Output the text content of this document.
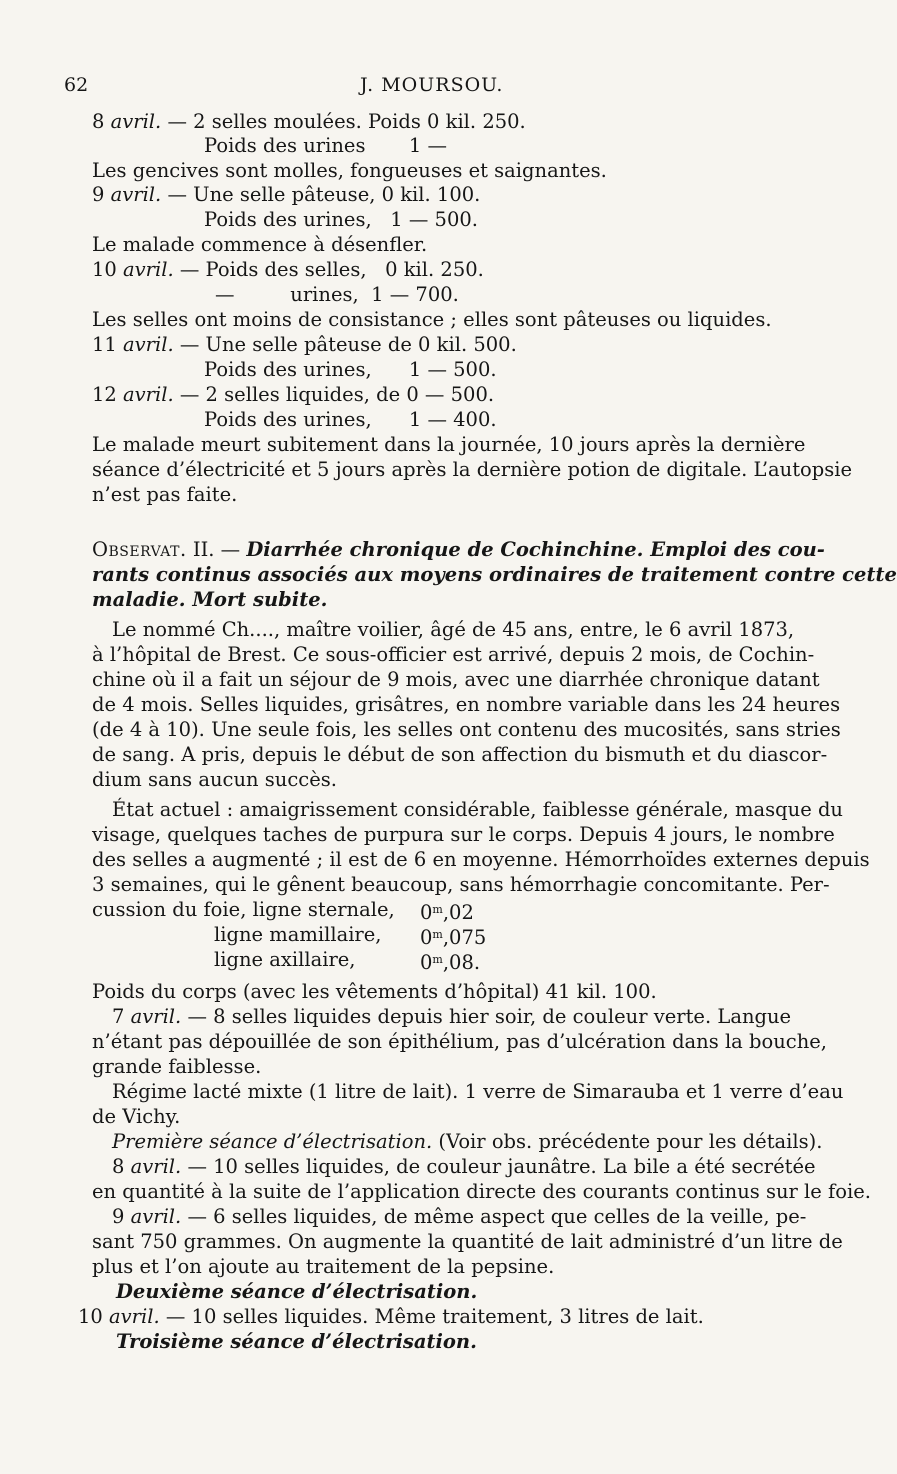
62	J. MOURSOU.
8 avril. — 2 selles moulées. Poids 0 kil. 250.
Poids des urines       1 —
Les gencives sont molles, fongueuses et saignantes.
9 avril. — Une selle pâteuse, 0 kil. 100.
Poids des urines,   1 — 500.
Le malade commence à désenfler.
10 avril. — Poids des selles,   0 kil. 250.
—         urines,  1 — 700.
Les selles ont moins de consistance ; elles sont pâteuses ou liquides.
11 avril. — Une selle pâteuse de 0 kil. 500.
Poids des urines,      1 — 500.
12 avril. — 2 selles liquides, de 0 — 500.
Poids des urines,      1 — 400.
Le malade meurt subitement dans la journée, 10 jours après la dernière
séance d’électricité et 5 jours après la dernière potion de digitale. L’autopsie
n’est pas faite.
Observat. II. — Diarrhée chronique de Cochinchine. Emploi des cou-
rants continus associés aux moyens ordinaires de traitement contre cette
maladie. Mort subite.
Le nommé Ch...., maître voilier, âgé de 45 ans, entre, le 6 avril 1873,
à l’hôpital de Brest. Ce sous-officier est arrivé, depuis 2 mois, de Cochin-
chine où il a fait un séjour de 9 mois, avec une diarrhée chronique datant
de 4 mois. Selles liquides, grisâtres, en nombre variable dans les 24 heures
(de 4 à 10). Une seule fois, les selles ont contenu des mucosités, sans stries
de sang. A pris, depuis le début de son affection du bismuth et du diascor-
dium sans aucun succès.
État actuel : amaigrissement considérable, faiblesse générale, masque du
visage, quelques taches de purpura sur le corps. Depuis 4 jours, le nombre
des selles a augmenté ; il est de 6 en moyenne. Hémorrhoïdes externes depuis
3 semaines, qui le gênent beaucoup, sans hémorrhagie concomitante. Per-
cussion du foie, ligne sternale, 0$^m$,02
ligne mamillaire, 0$^m$,075
ligne axillaire,	0$^m$,08.
Poids du corps (avec les vêtements d’hôpital) 41 kil. 100.
7 avril. — 8 selles liquides depuis hier soir, de couleur verte. Langue
n’étant pas dépouillée de son épithélium, pas d’ulcération dans la bouche,
grande faiblesse.
Régime lacté mixte (1 litre de lait). 1 verre de Simarauba et 1 verre d’eau
de Vichy.
Première séance d’électrisation. (Voir obs. précédente pour les détails).
8 avril. — 10 selles liquides, de couleur jaunâtre. La bile a été secrétée
en quantité à la suite de l’application directe des courants continus sur le foie.
9 avril. — 6 selles liquides, de même aspect que celles de la veille, pe-
sant 750 grammes. On augmente la quantité de lait administré d’un litre de
plus et l’on ajoute au traitement de la pepsine.
Deuxième séance d’électrisation.
10 avril. — 10 selles liquides. Même traitement, 3 litres de lait.
Troisième séance d’électrisation.
